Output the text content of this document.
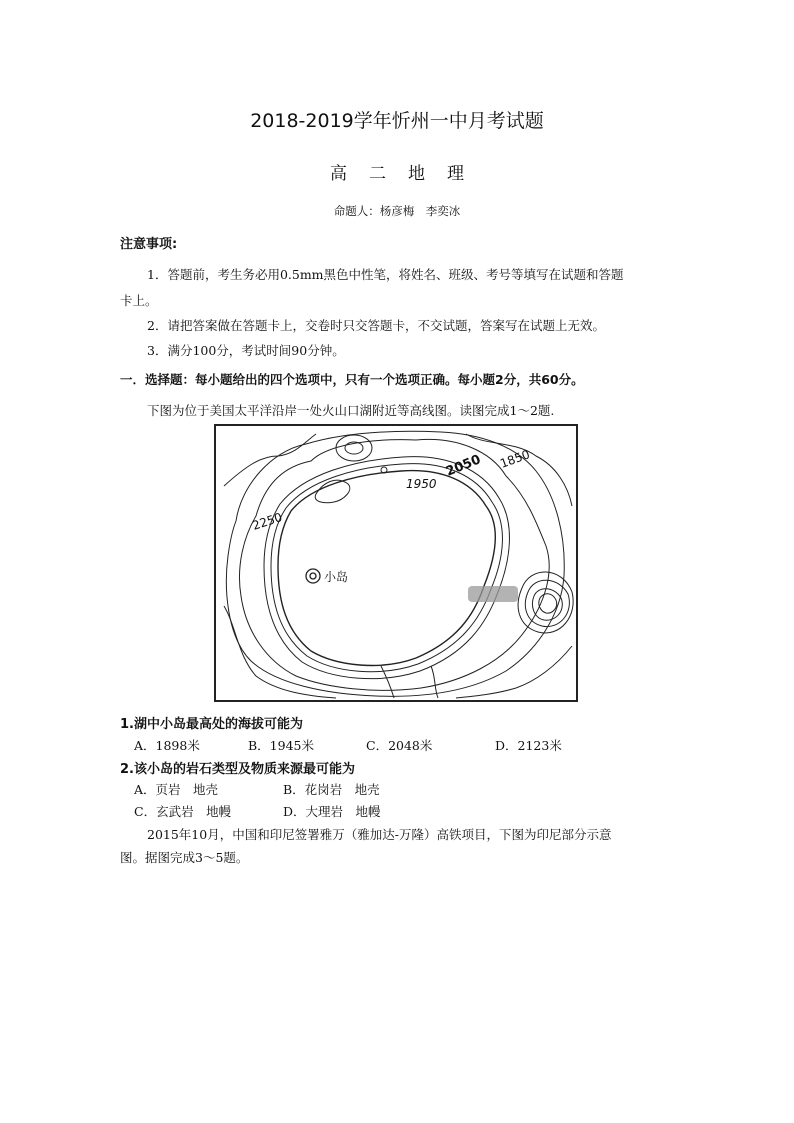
2018-2019学年忻州一中月考试题
高二地理
命题人：杨彦梅　李奕冰
注意事项:
1．答题前，考生务必用0.5mm黑色中性笔，将姓名、班级、考号等填写在试题和答题
卡上。
2．请把答案做在答题卡上，交卷时只交答题卡，不交试题，答案写在试题上无效。
3．满分100分，考试时间90分钟。
一．选择题：每小题给出的四个选项中，只有一个选项正确。每小题2分，共60分。
下图为位于美国太平洋沿岸一处火山口湖附近等高线图。读图完成1～2题.
小岛
1850
2050
1950
2250
1.湖中小岛最高处的海拔可能为
A．1898米	B．1945米	C．2048米	D．2123米
2.该小岛的岩石类型及物质来源最可能为
A．页岩　地壳	B．花岗岩　地壳
C．玄武岩　地幔	D．大理岩　地幔
2015年10月，中国和印尼签署雅万（雅加达-万隆）高铁项目，下图为印尼部分示意
图。据图完成3～5题。
